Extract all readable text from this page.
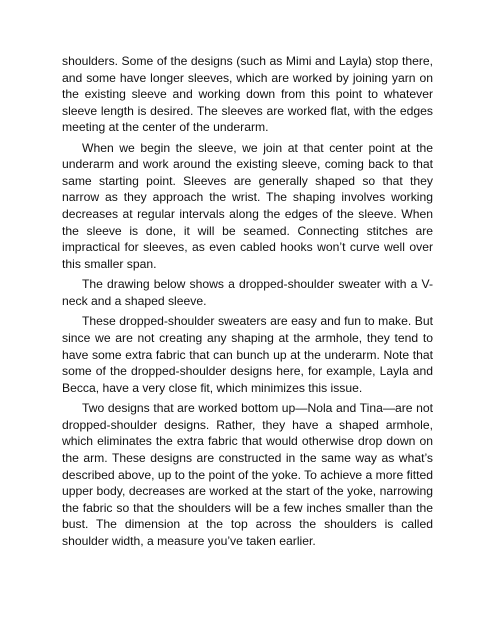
shoulders. Some of the designs (such as Mimi and Layla) stop there, and some have longer sleeves, which are worked by joining yarn on the existing sleeve and working down from this point to whatever sleeve length is desired. The sleeves are worked flat, with the edges meeting at the center of the underarm.

When we begin the sleeve, we join at that center point at the underarm and work around the existing sleeve, coming back to that same starting point. Sleeves are generally shaped so that they narrow as they approach the wrist. The shaping involves working decreases at regular intervals along the edges of the sleeve. When the sleeve is done, it will be seamed. Connecting stitches are impractical for sleeves, as even cabled hooks won’t curve well over this smaller span.

The drawing below shows a dropped-shoulder sweater with a V-neck and a shaped sleeve.

These dropped-shoulder sweaters are easy and fun to make. But since we are not creating any shaping at the armhole, they tend to have some extra fabric that can bunch up at the underarm. Note that some of the dropped-shoulder designs here, for example, Layla and Becca, have a very close fit, which minimizes this issue.

Two designs that are worked bottom up—Nola and Tina—are not dropped-shoulder designs. Rather, they have a shaped armhole, which eliminates the extra fabric that would otherwise drop down on the arm. These designs are constructed in the same way as what’s described above, up to the point of the yoke. To achieve a more fitted upper body, decreases are worked at the start of the yoke, narrowing the fabric so that the shoulders will be a few inches smaller than the bust. The dimension at the top across the shoulders is called shoulder width, a measure you’ve taken earlier.
